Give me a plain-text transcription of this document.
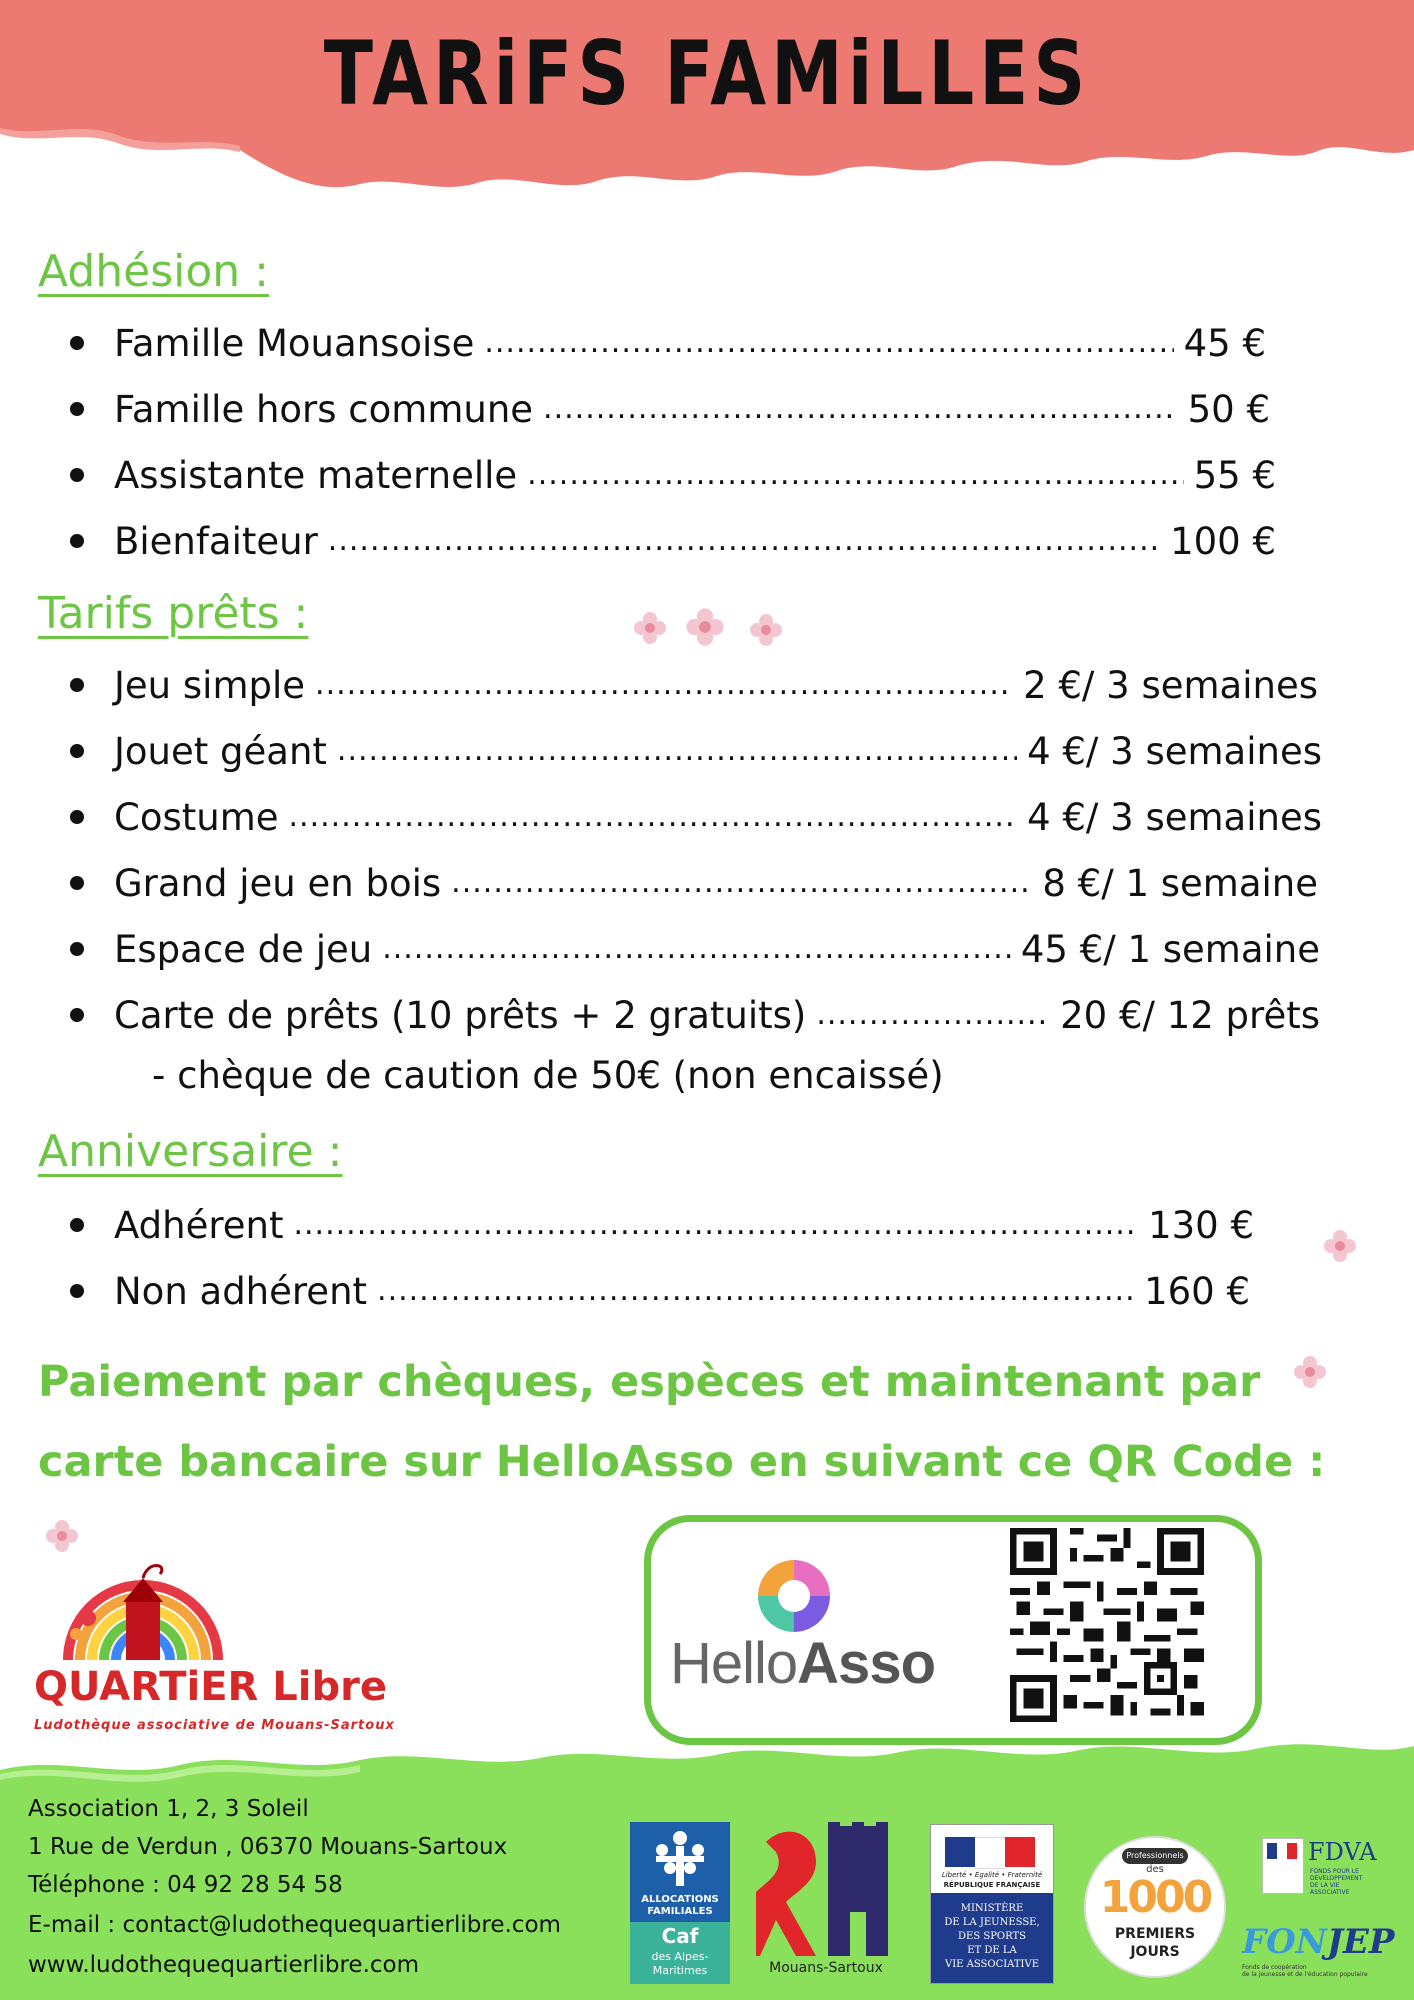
TARiFS FAMiLLES
Adhésion :
Famille Mouansoise .....	45 €
Famille hors commune .....	50 €
Assistante maternelle .....	55 €
Bienfaiteur .....	100 €
Tarifs prêts :
Jeu simple .....	2 €/ 3 semaines
Jouet géant .....	4 €/ 3 semaines
Costume .....	4 €/ 3 semaines
Grand jeu en bois .....	8 €/ 1 semaine
Espace de jeu .....	45 €/ 1 semaine
Carte de prêts (10 prêts + 2 gratuits) .....	20 €/ 12 prêts
- chèque de caution de 50€ (non encaissé)
Anniversaire :
Adhérent .....	130 €
Non adhérent .....	160 €
Paiement par chèques, espèces et maintenant par
carte bancaire sur HelloAsso en suivant ce QR Code :
HelloAsso
QUARTiER Libre
Ludothèque associative de Mouans-Sartoux
Association 1, 2, 3 Soleil
1 Rue de Verdun , 06370 Mouans-Sartoux
Téléphone : 04 92 28 54 58
E-mail : contact@ludothequequartierlibre.com
www.ludothequequartierlibre.com
ALLOCATIONS
FAMILIALES
Caf
des Alpes-
Maritimes	Mouans-Sartoux
Liberté • Égalité • Fraternité
RÉPUBLIQUE FRANÇAISE
MINISTÈRE
DE LA JEUNESSE,
DES SPORTS
ET DE LA
VIE ASSOCIATIVE
Professionnels
des
1000
PREMIERS
JOURS
FDVA
FONDS POUR LE
DÉVELOPPEMENT
DE LA VIE
ASSOCIATIVE
FONJEP
Fonds de coopération
de la jeunesse et de l'éducation populaire
